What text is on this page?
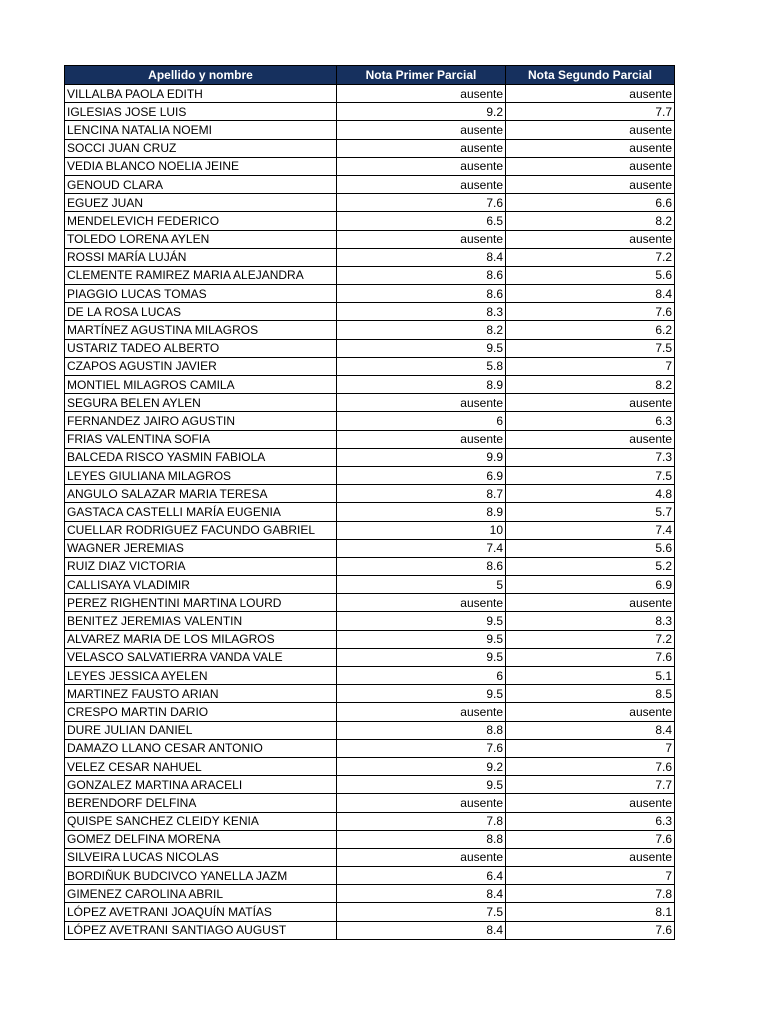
Apellido y nombre	Nota Primer Parcial	Nota Segundo Parcial
VILLALBA PAOLA EDITH	ausente	ausente
IGLESIAS JOSE LUIS	9.2	7.7
LENCINA NATALIA NOEMI	ausente	ausente
SOCCI JUAN CRUZ	ausente	ausente
VEDIA BLANCO NOELIA JEINE	ausente	ausente
GENOUD CLARA	ausente	ausente
EGUEZ JUAN	7.6	6.6
MENDELEVICH FEDERICO	6.5	8.2
TOLEDO LORENA AYLEN	ausente	ausente
ROSSI MARÍA LUJÁN	8.4	7.2
CLEMENTE RAMIREZ MARIA ALEJANDRA	8.6	5.6
PIAGGIO LUCAS TOMAS	8.6	8.4
DE LA ROSA LUCAS	8.3	7.6
MARTÍNEZ AGUSTINA MILAGROS	8.2	6.2
USTARIZ TADEO ALBERTO	9.5	7.5
CZAPOS AGUSTIN JAVIER	5.8	7
MONTIEL MILAGROS CAMILA	8.9	8.2
SEGURA BELEN AYLEN	ausente	ausente
FERNANDEZ JAIRO AGUSTIN	6	6.3
FRIAS VALENTINA SOFIA	ausente	ausente
BALCEDA RISCO YASMIN FABIOLA	9.9	7.3
LEYES GIULIANA MILAGROS	6.9	7.5
ANGULO SALAZAR MARIA TERESA	8.7	4.8
GASTACA CASTELLI MARÍA EUGENIA	8.9	5.7
CUELLAR RODRIGUEZ FACUNDO GABRIEL	10	7.4
WAGNER JEREMIAS	7.4	5.6
RUIZ DIAZ VICTORIA	8.6	5.2
CALLISAYA VLADIMIR	5	6.9
PEREZ RIGHENTINI MARTINA LOURD	ausente	ausente
BENITEZ JEREMIAS VALENTIN	9.5	8.3
ALVAREZ MARIA DE LOS MILAGROS	9.5	7.2
VELASCO SALVATIERRA VANDA VALE	9.5	7.6
LEYES JESSICA AYELEN	6	5.1
MARTINEZ FAUSTO ARIAN	9.5	8.5
CRESPO MARTIN DARIO	ausente	ausente
DURE JULIAN DANIEL	8.8	8.4
DAMAZO LLANO CESAR ANTONIO	7.6	7
VELEZ CESAR NAHUEL	9.2	7.6
GONZALEZ MARTINA ARACELI	9.5	7.7
BERENDORF DELFINA	ausente	ausente
QUISPE SANCHEZ CLEIDY KENIA	7.8	6.3
GOMEZ DELFINA MORENA	8.8	7.6
SILVEIRA LUCAS NICOLAS	ausente	ausente
BORDIÑUK BUDCIVCO YANELLA JAZM	6.4	7
GIMENEZ CAROLINA ABRIL	8.4	7.8
LÓPEZ AVETRANI JOAQUÍN MATÍAS	7.5	8.1
LÓPEZ AVETRANI SANTIAGO AUGUST	8.4	7.6
